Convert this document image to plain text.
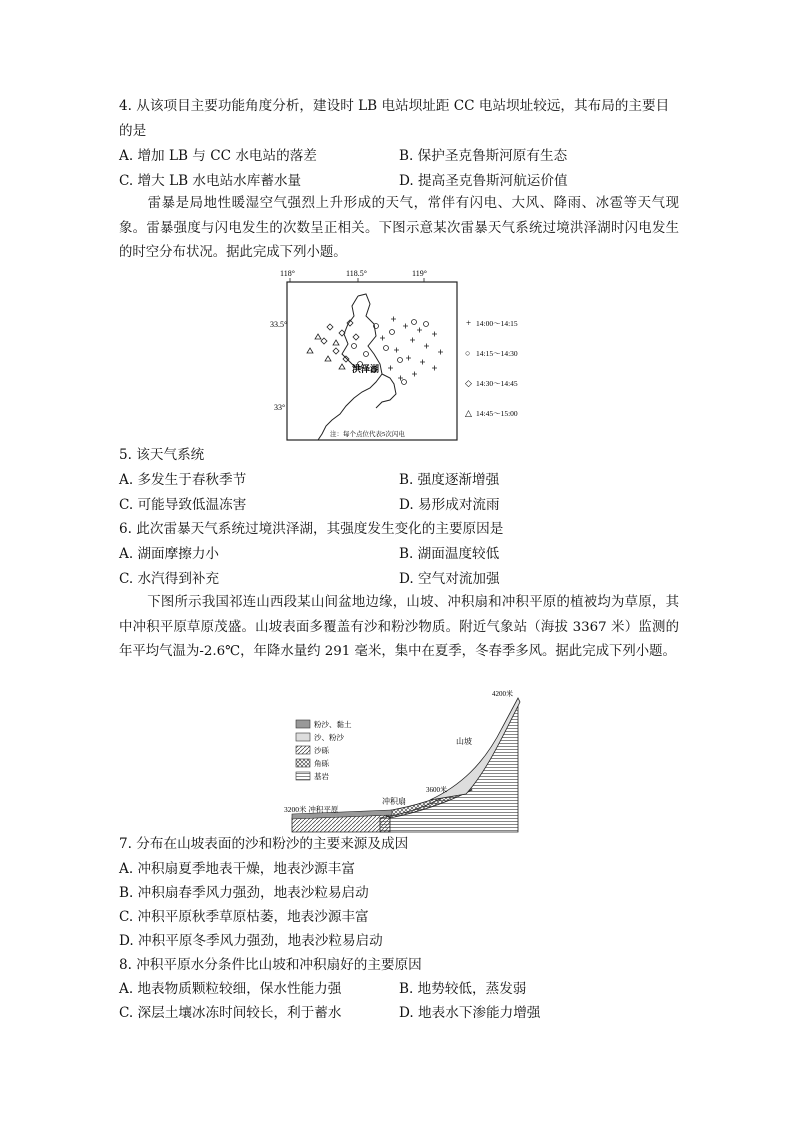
4. 从该项目主要功能角度分析，建设时 LB 电站坝址距 CC 电站坝址较远，其布局的主要目
的是
A. 增加 LB 与 CC 水电站的落差	B. 保护圣克鲁斯河原有生态
C. 增大 LB 水电站水库蓄水量	D. 提高圣克鲁斯河航运价值
雷暴是局地性暖湿空气强烈上升形成的天气，常伴有闪电、大风、降雨、冰雹等天气现象。雷暴强度与闪电发生的次数呈正相关。下图示意某次雷暴天气系统过境洪泽湖时闪电发生的时空分布状况。据此完成下列小题。
118°	118.5°	119°
33.5°
33°
洪泽湖
注：每个点位代表5次闪电
+ 14:00～14:15
○ 14:15～14:30
◇ 14:30～14:45
△ 14:45～15:00
5. 该天气系统
A. 多发生于春秋季节	B. 强度逐渐增强
C. 可能导致低温冻害	D. 易形成对流雨
6. 此次雷暴天气系统过境洪泽湖，其强度发生变化的主要原因是
A. 湖面摩擦力小	B. 湖面温度较低
C. 水汽得到补充	D. 空气对流加强
下图所示我国祁连山西段某山间盆地边缘，山坡、冲积扇和冲积平原的植被均为草原，其中冲积平原草原茂盛。山坡表面多覆盖有沙和粉沙物质。附近气象站（海拔 3367 米）监测的年平均气温为-2.6℃，年降水量约 291 毫米，集中在夏季，冬春季多风。据此完成下列小题。
粉沙、黏土
沙、粉沙
沙砾
角砾
基岩
4200米
山坡
3600米
冲积扇
3200米 冲积平原
7. 分布在山坡表面的沙和粉沙的主要来源及成因
A. 冲积扇夏季地表干燥，地表沙源丰富
B. 冲积扇春季风力强劲，地表沙粒易启动
C. 冲积平原秋季草原枯萎，地表沙源丰富
D. 冲积平原冬季风力强劲，地表沙粒易启动
8. 冲积平原水分条件比山坡和冲积扇好的主要原因
A. 地表物质颗粒较细，保水性能力强	B. 地势较低，蒸发弱
C. 深层土壤冰冻时间较长，利于蓄水	D. 地表水下渗能力增强
